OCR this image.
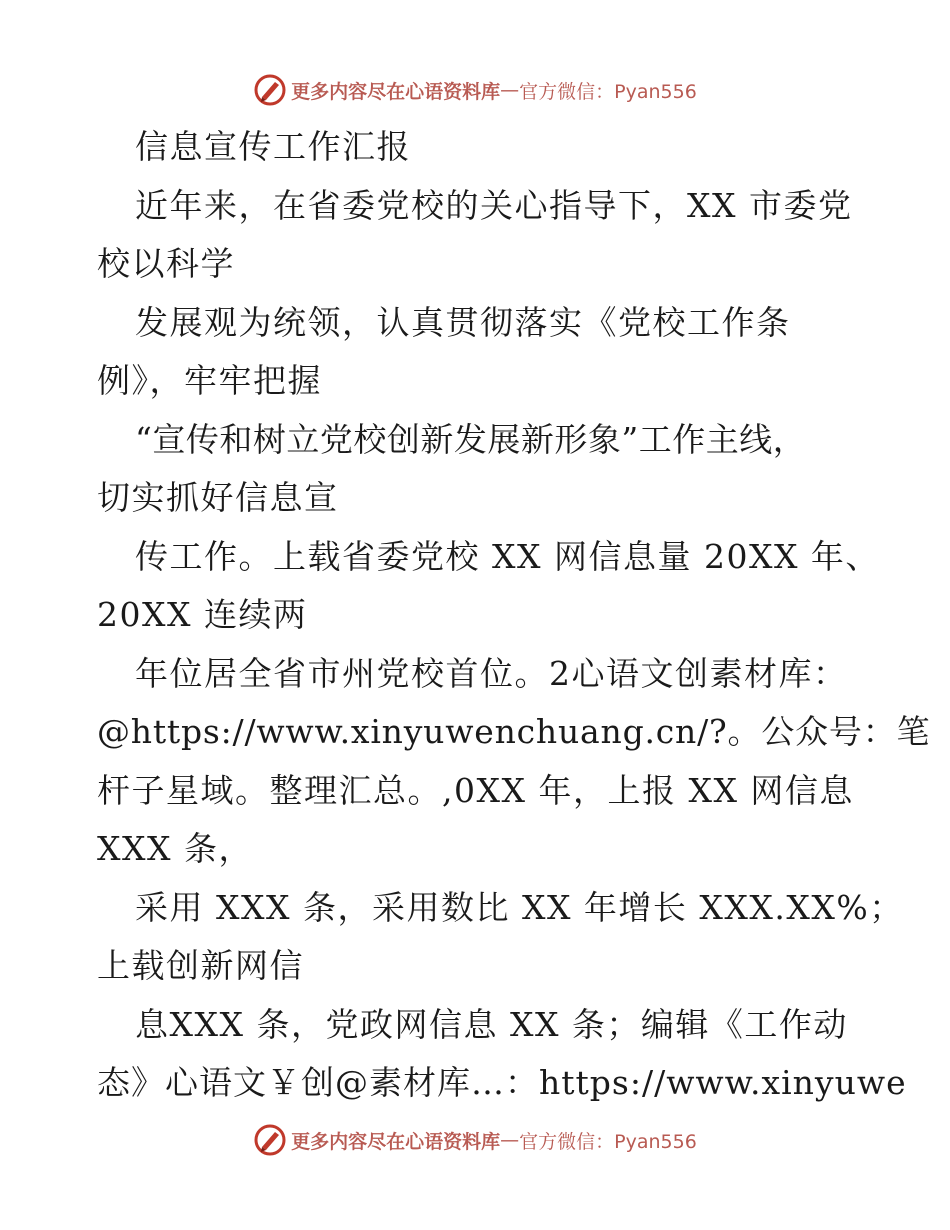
更多内容尽在心语资料库 — 官方微信：Pyan556
信息宣传工作汇报
近年来，在省委党校的关心指导下，XX 市委党
校以科学
发展观为统领，认真贯彻落实《党校工作条
例》，牢牢把握
“宣传和树立党校创新发展新形象”工作主线，
切实抓好信息宣
传工作。上载省委党校 XX 网信息量 20XX 年、
20XX 连续两
年位居全省市州党校首位。2心语文创素材库：
@https://www.xinyuwenchuang.cn/?。公众号：笔
杆子星域。整理汇总。,0XX 年，上报 XX 网信息
XXX 条，
采用 XXX 条，采用数比 XX 年增长 XXX.XX%；
上载创新网信
息XXX 条，党政网信息 XX 条；编辑《工作动
态》心语文￥创@素材库…：https://www.xinyuwe
更多内容尽在心语资料库 — 官方微信：Pyan556
